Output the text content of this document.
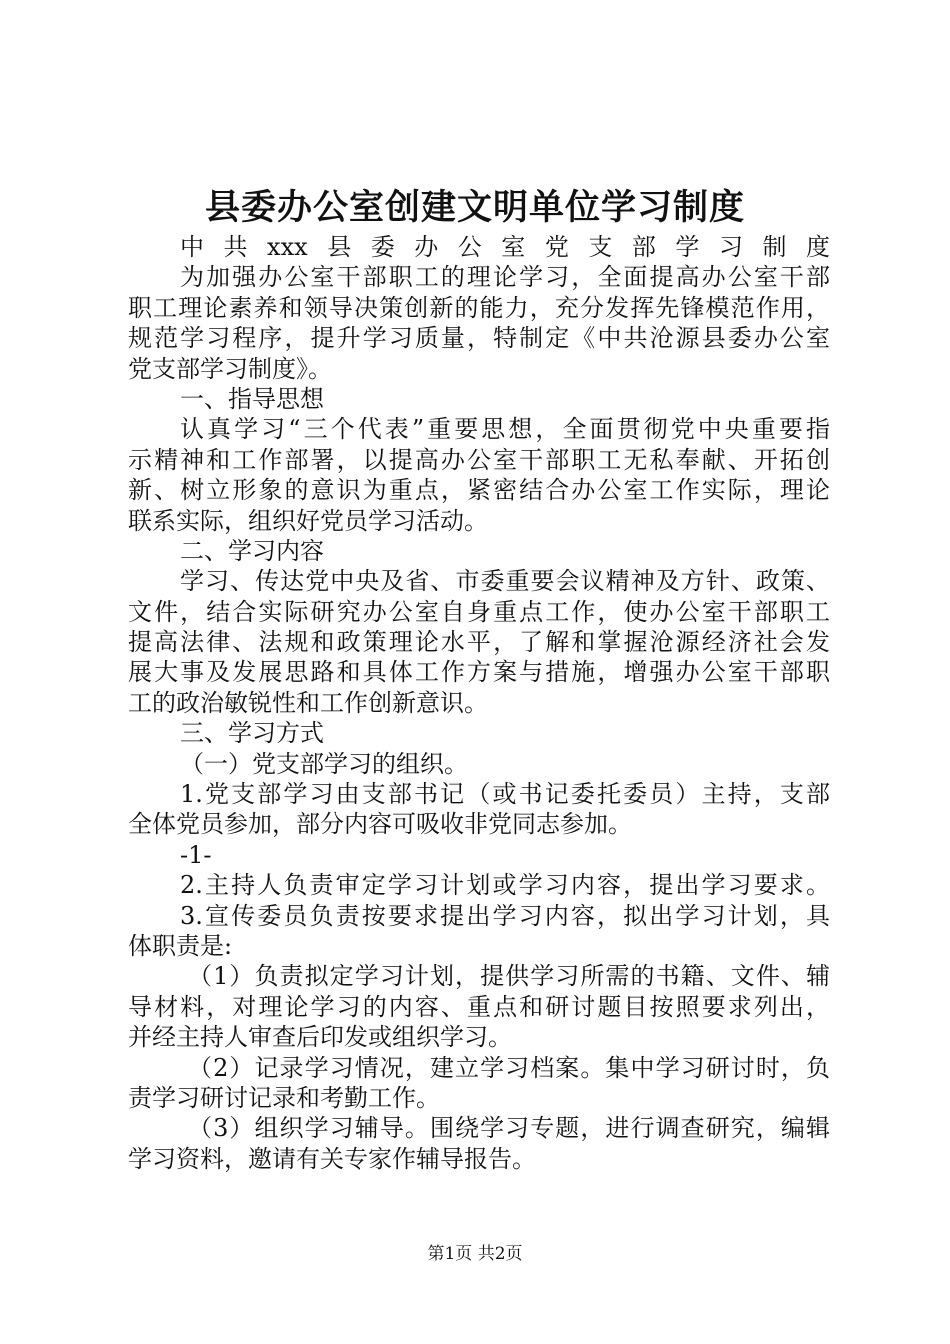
县委办公室创建文明单位学习制度
中共xxx县委办公室党支部学习制度
为加强办公室干部职工的理论学习，全面提高办公室干部
职工理论素养和领导决策创新的能力，充分发挥先锋模范作用，
规范学习程序，提升学习质量，特制定《中共沧源县委办公室
党支部学习制度》。
一、指导思想
认真学习“三个代表”重要思想，全面贯彻党中央重要指
示精神和工作部署，以提高办公室干部职工无私奉献、开拓创
新、树立形象的意识为重点，紧密结合办公室工作实际，理论
联系实际，组织好党员学习活动。
二、学习内容
学习、传达党中央及省、市委重要会议精神及方针、政策、
文件，结合实际研究办公室自身重点工作，使办公室干部职工
提高法律、法规和政策理论水平，了解和掌握沧源经济社会发
展大事及发展思路和具体工作方案与措施，增强办公室干部职
工的政治敏锐性和工作创新意识。
三、学习方式
（一）党支部学习的组织。
1.党支部学习由支部书记（或书记委托委员）主持，支部
全体党员参加，部分内容可吸收非党同志参加。
-1-
2.主持人负责审定学习计划或学习内容，提出学习要求。
3.宣传委员负责按要求提出学习内容，拟出学习计划，具
体职责是:
（1）负责拟定学习计划，提供学习所需的书籍、文件、辅
导材料，对理论学习的内容、重点和研讨题目按照要求列出，
并经主持人审查后印发或组织学习。
（2）记录学习情况，建立学习档案。集中学习研讨时，负
责学习研讨记录和考勤工作。
（3）组织学习辅导。围绕学习专题，进行调查研究，编辑
学习资料，邀请有关专家作辅导报告。
第1页 共2页
